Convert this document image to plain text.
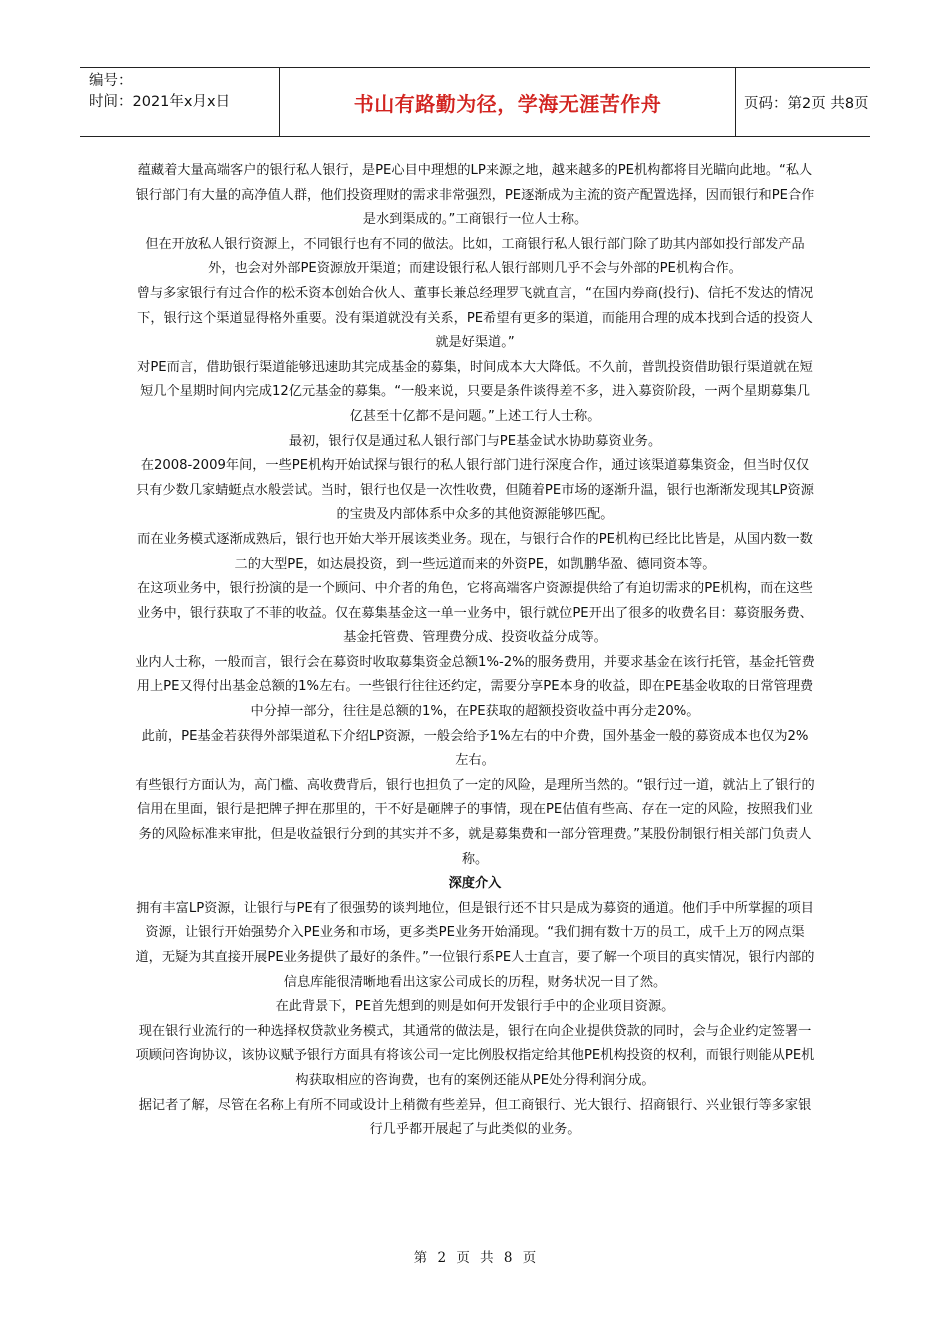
编号：
时间：2021年x月x日	书山有路勤为径，学海无涯苦作舟	页码：第2页 共8页

蕴藏着大量高端客户的银行私人银行，是PE心目中理想的LP来源之地，越来越多的PE机构都将目光瞄向此地。“私人银行部门有大量的高净值人群，他们投资理财的需求非常强烈，PE逐渐成为主流的资产配置选择，因而银行和PE合作是水到渠成的。”工商银行一位人士称。

但在开放私人银行资源上，不同银行也有不同的做法。比如，工商银行私人银行部门除了助其内部如投行部发产品外，也会对外部PE资源放开渠道；而建设银行私人银行部则几乎不会与外部的PE机构合作。

曾与多家银行有过合作的松禾资本创始合伙人、董事长兼总经理罗飞就直言，“在国内券商(投行)、信托不发达的情况下，银行这个渠道显得格外重要。没有渠道就没有关系，PE希望有更多的渠道，而能用合理的成本找到合适的投资人就是好渠道。”

对PE而言，借助银行渠道能够迅速助其完成基金的募集，时间成本大大降低。不久前，普凯投资借助银行渠道就在短短几个星期时间内完成12亿元基金的募集。“一般来说，只要是条件谈得差不多，进入募资阶段，一两个星期募集几亿甚至十亿都不是问题。”上述工行人士称。

最初，银行仅是通过私人银行部门与PE基金试水协助募资业务。

在2008-2009年间，一些PE机构开始试探与银行的私人银行部门进行深度合作，通过该渠道募集资金，但当时仅仅只有少数几家蜻蜓点水般尝试。当时，银行也仅是一次性收费，但随着PE市场的逐渐升温，银行也渐渐发现其LP资源的宝贵及内部体系中众多的其他资源能够匹配。

而在业务模式逐渐成熟后，银行也开始大举开展该类业务。现在，与银行合作的PE机构已经比比皆是，从国内数一数二的大型PE，如达晨投资，到一些远道而来的外资PE，如凯鹏华盈、德同资本等。

在这项业务中，银行扮演的是一个顾问、中介者的角色，它将高端客户资源提供给了有迫切需求的PE机构，而在这些业务中，银行获取了不菲的收益。仅在募集基金这一单一业务中，银行就位PE开出了很多的收费名目：募资服务费、基金托管费、管理费分成、投资收益分成等。

业内人士称，一般而言，银行会在募资时收取募集资金总额1%-2%的服务费用，并要求基金在该行托管，基金托管费用上PE又得付出基金总额的1%左右。一些银行往往还约定，需要分享PE本身的收益，即在PE基金收取的日常管理费中分掉一部分，往往是总额的1%，在PE获取的超额投资收益中再分走20%。

此前，PE基金若获得外部渠道私下介绍LP资源，一般会给予1%左右的中介费，国外基金一般的募资成本也仅为2%左右。

有些银行方面认为，高门槛、高收费背后，银行也担负了一定的风险，是理所当然的。“银行过一道，就沾上了银行的信用在里面，银行是把牌子押在那里的，干不好是砸牌子的事情，现在PE估值有些高、存在一定的风险，按照我们业务的风险标准来审批，但是收益银行分到的其实并不多，就是募集费和一部分管理费。”某股份制银行相关部门负责人称。

深度介入

拥有丰富LP资源，让银行与PE有了很强势的谈判地位，但是银行还不甘只是成为募资的通道。他们手中所掌握的项目资源，让银行开始强势介入PE业务和市场，更多类PE业务开始涌现。“我们拥有数十万的员工，成千上万的网点渠道，无疑为其直接开展PE业务提供了最好的条件。”一位银行系PE人士直言，要了解一个项目的真实情况，银行内部的信息库能很清晰地看出这家公司成长的历程，财务状况一目了然。

在此背景下，PE首先想到的则是如何开发银行手中的企业项目资源。

现在银行业流行的一种选择权贷款业务模式，其通常的做法是，银行在向企业提供贷款的同时，会与企业约定签署一项顾问咨询协议，该协议赋予银行方面具有将该公司一定比例股权指定给其他PE机构投资的权利，而银行则能从PE机构获取相应的咨询费，也有的案例还能从PE处分得利润分成。

据记者了解，尽管在名称上有所不同或设计上稍微有些差异，但工商银行、光大银行、招商银行、兴业银行等多家银行几乎都开展起了与此类似的业务。

第 2 页 共 8 页
